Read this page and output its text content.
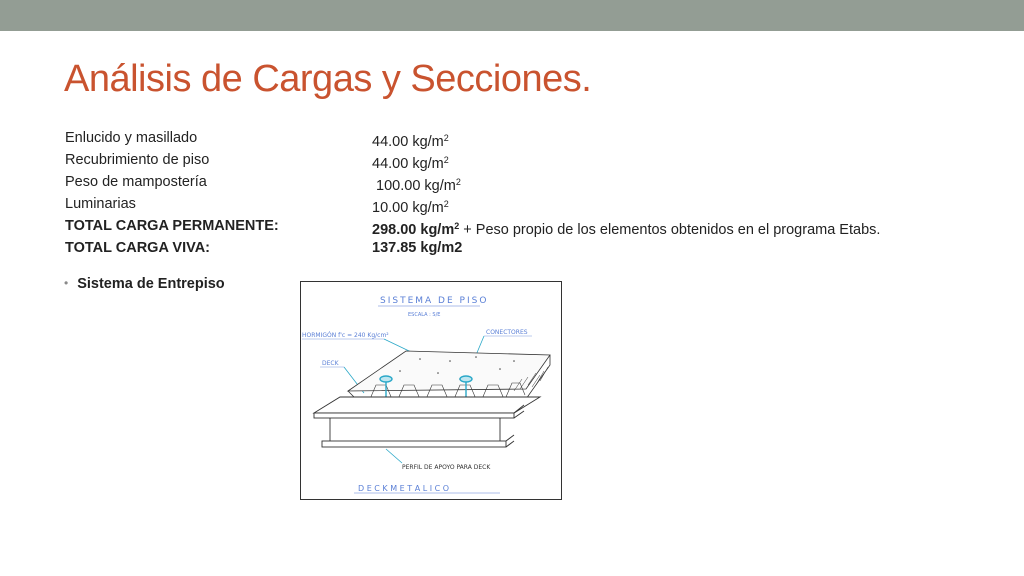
Análisis de Cargas y Secciones.
Enlucido y masillado	44.00 $kg/m^2$
Recubrimiento de piso	44.00 $kg/m^2$
Peso de mampostería	100.00 $kg/m^2$
Luminarias	10.00 $kg/m^2$
TOTAL CARGA PERMANENTE:	298.00 $kg/m^2$ + Peso propio de los elementos obtenidos en el programa Etabs.
TOTAL CARGA VIVA:	137.85 kg/m2
• Sistema de Entrepiso
SISTEMA DE PISO
ESCALA : S/E
HORMIGÓN f'c = 240 Kg/cm²	CONECTORES
DECK
PERFIL DE APOYO PARA DECK
D E C K M E T A L I C O
